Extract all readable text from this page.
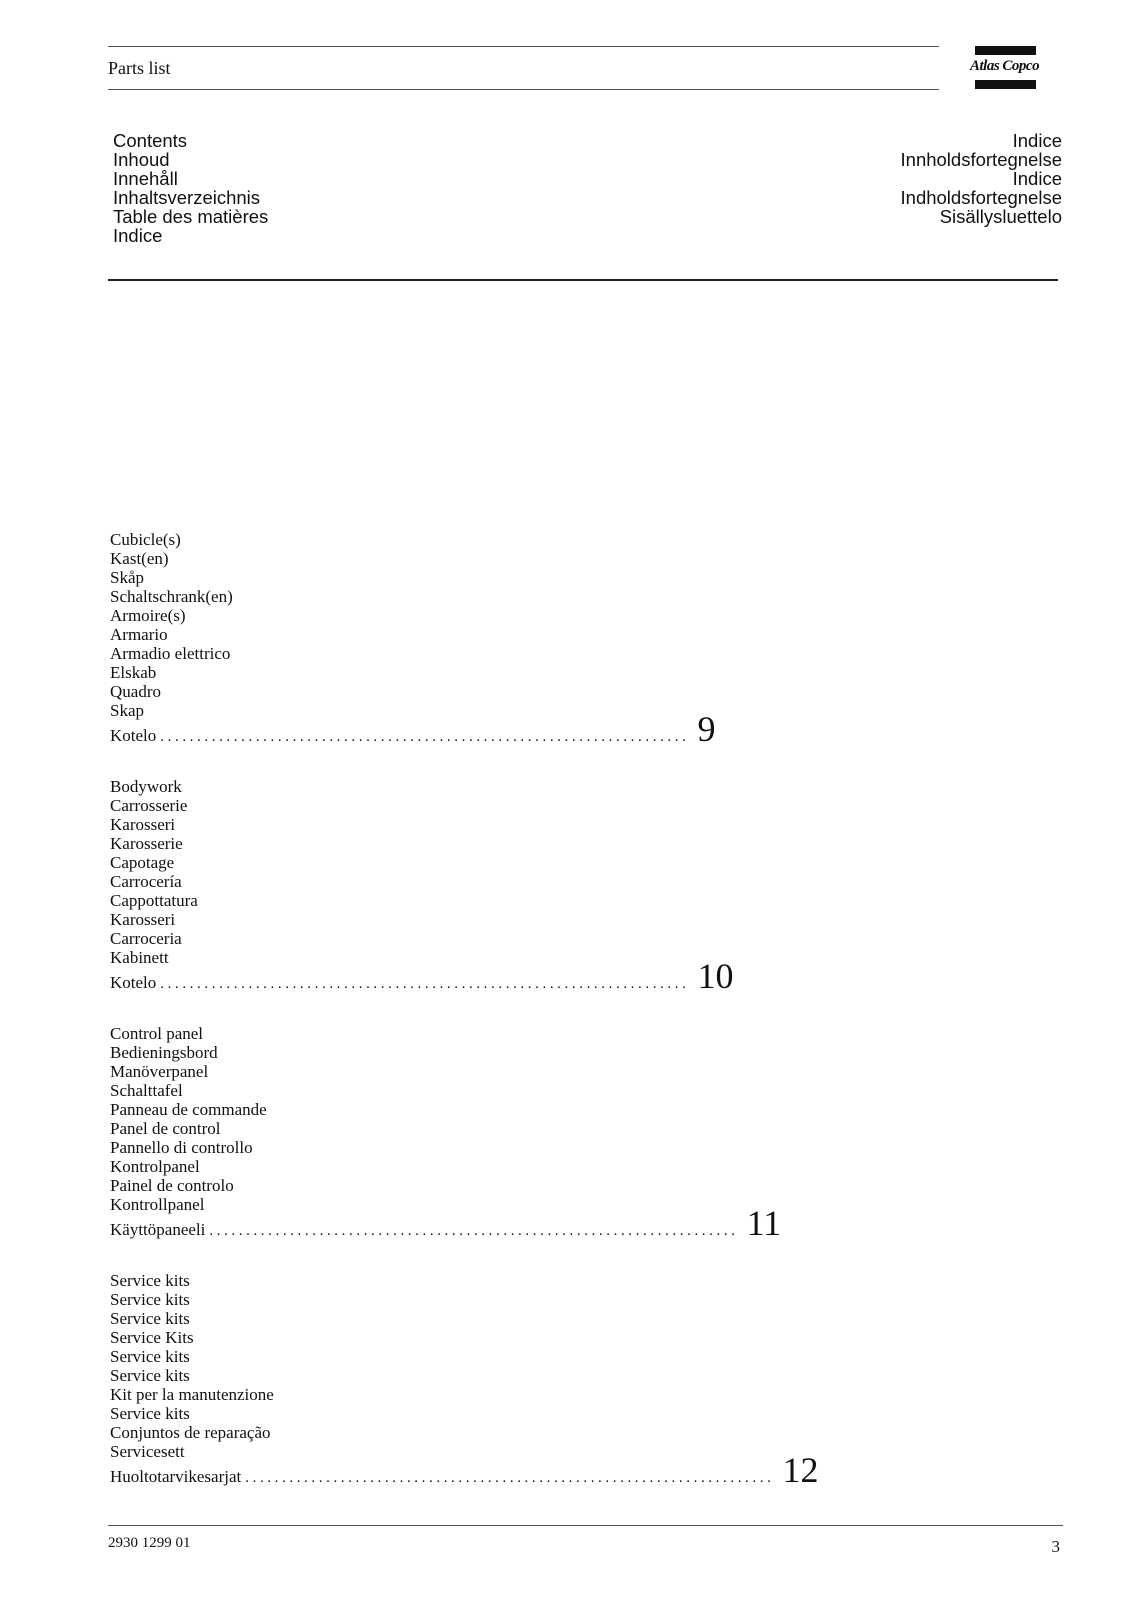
Parts list	Atlas Copco
Contents
Inhoud
Innehåll
Inhaltsverzeichnis
Table des matières
Indice
Indice
Innholdsfortegnelse
Indice
Indholdsfortegnelse
Sisällysluettelo
Cubicle(s)
Kast(en)
Skåp
Schaltschrank(en)
Armoire(s)
Armario
Armadio elettrico
Elskab
Quadro
Skap
Kotelo ........................................................................ 9
Bodywork
Carrosserie
Karosseri
Karosserie
Capotage
Carrocería
Cappottatura
Karosseri
Carroceria
Kabinett
Kotelo ........................................................................ 10
Control panel
Bedieningsbord
Manöverpanel
Schalttafel
Panneau de commande
Panel de control
Pannello di controllo
Kontrolpanel
Painel de controlo
Kontrollpanel
Käyttöpaneeli ........................................................................ 11
Service kits
Service kits
Service kits
Service Kits
Service kits
Service kits
Kit per la manutenzione
Service kits
Conjuntos de reparação
Servicesett
Huoltotarvikesarjat ........................................................................ 12
2930 1299 01	3
